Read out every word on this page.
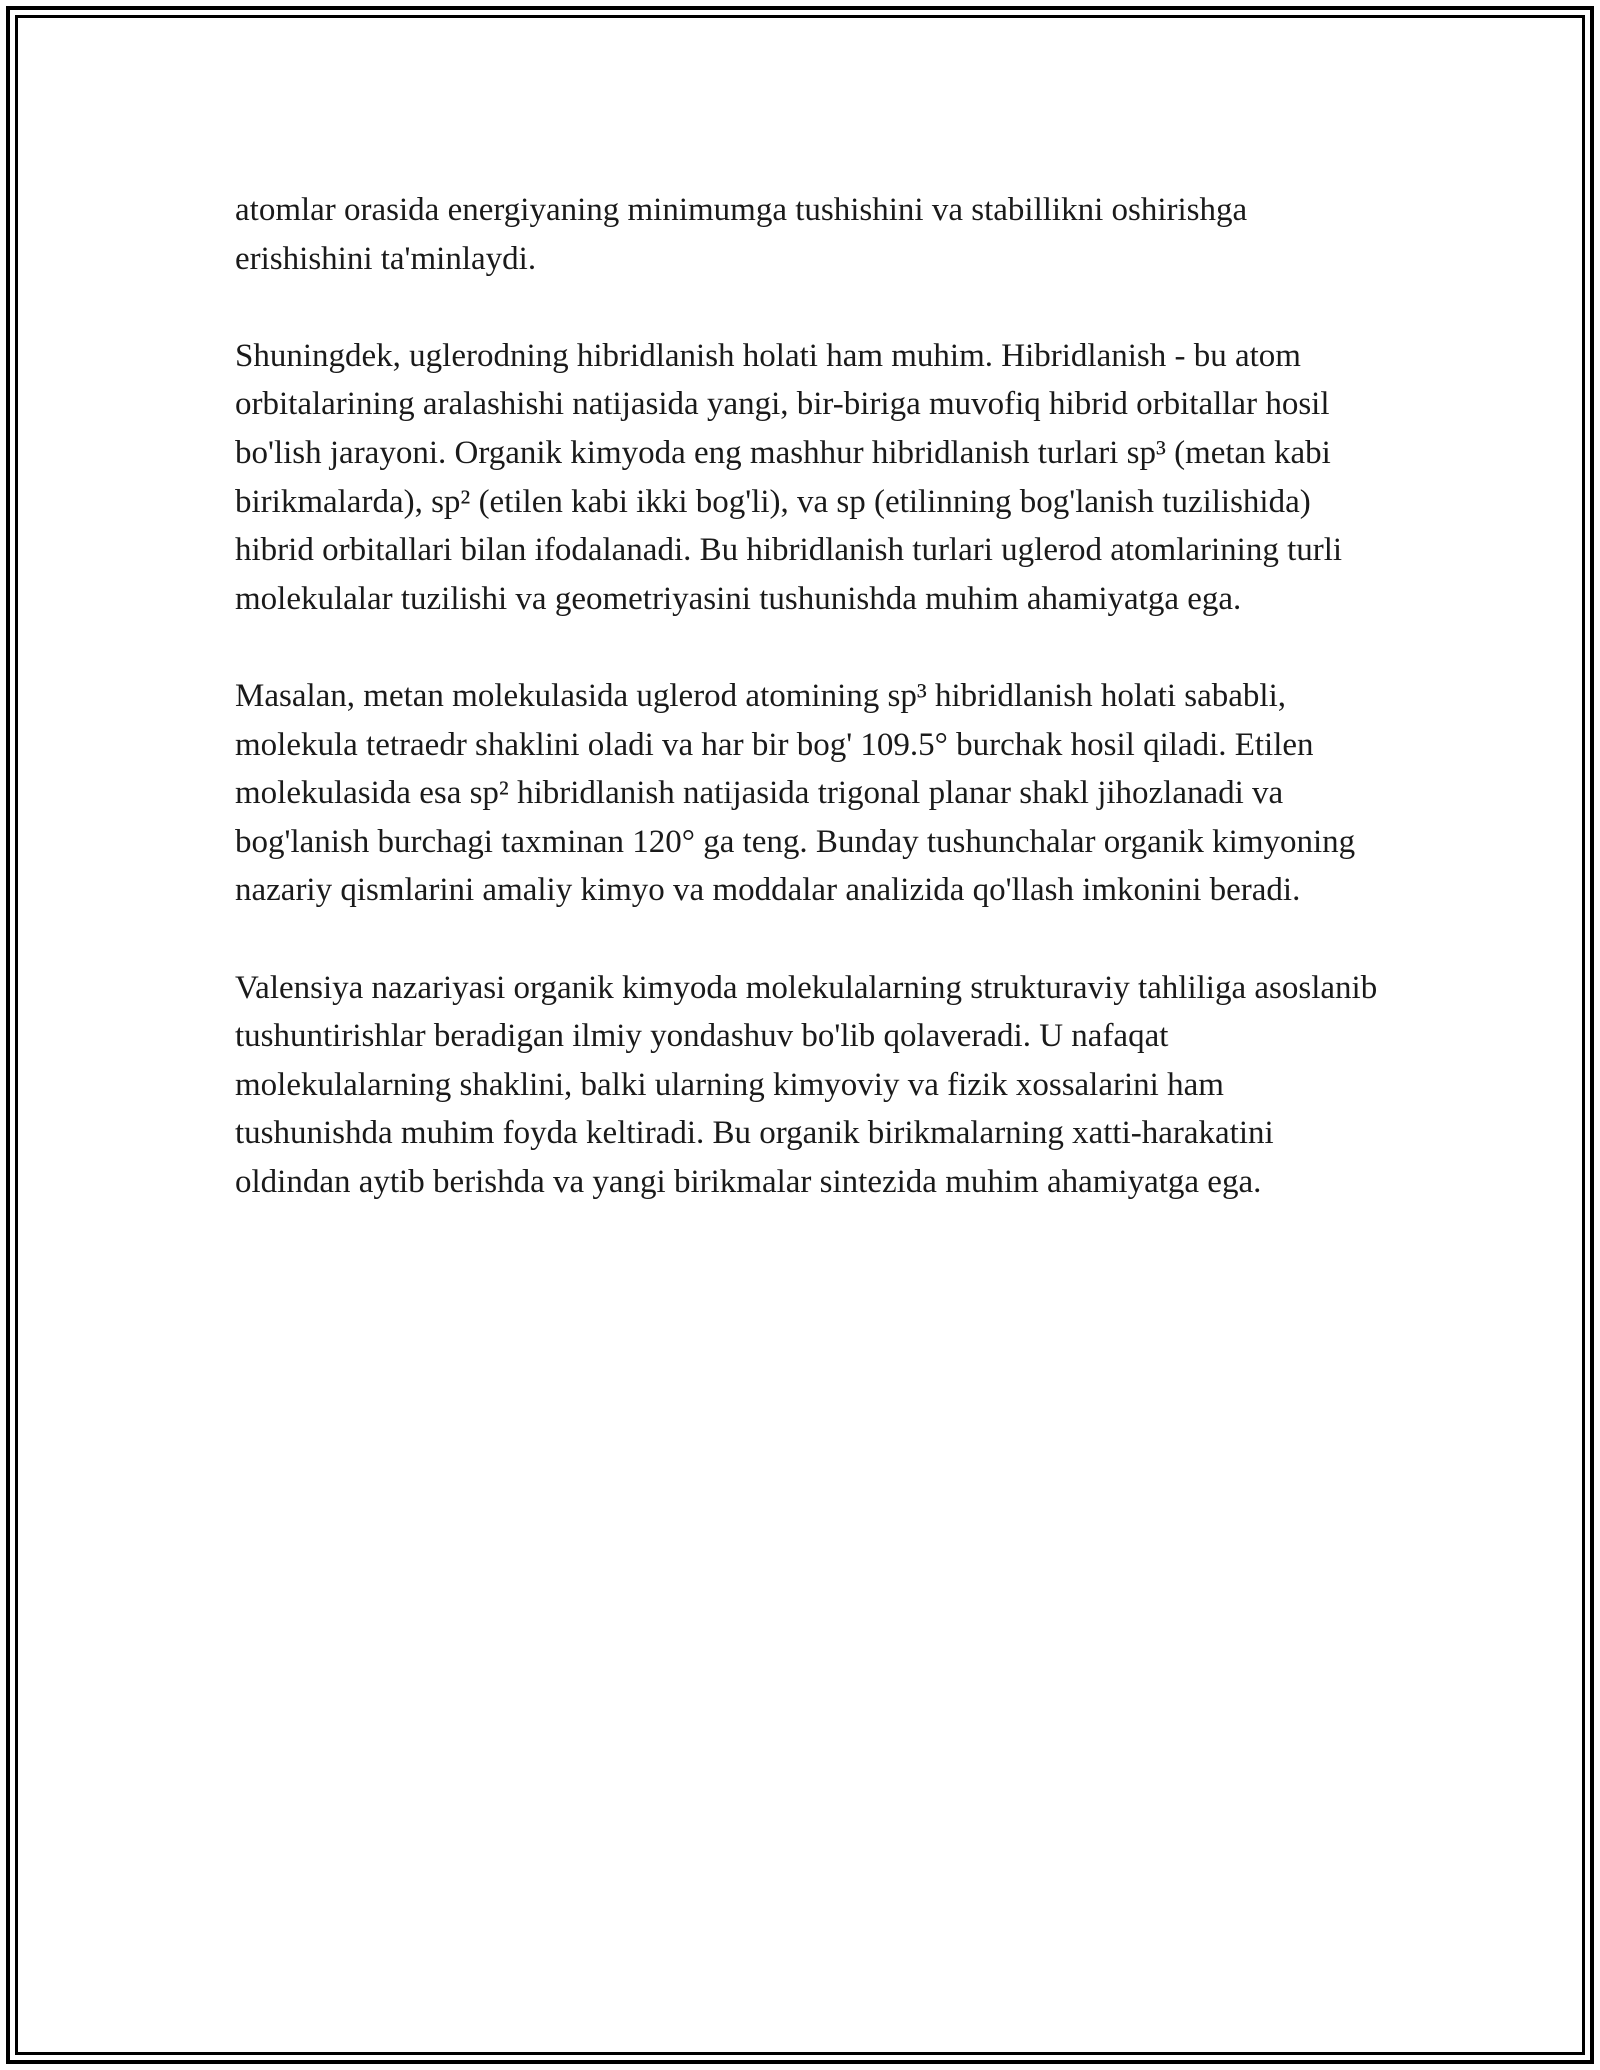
atomlar orasida energiyaning minimumga tushishini va stabillikni oshirishga erishishini ta'minlaydi.

Shuningdek, uglerodning hibridlanish holati ham muhim. Hibridlanish - bu atom orbitalarining aralashishi natijasida yangi, bir-biriga muvofiq hibrid orbitallar hosil bo'lish jarayoni. Organik kimyoda eng mashhur hibridlanish turlari sp³ (metan kabi birikmalarda), sp² (etilen kabi ikki bog'li), va sp (etilinning bog'lanish tuzilishida) hibrid orbitallari bilan ifodalanadi. Bu hibridlanish turlari uglerod atomlarining turli molekulalar tuzilishi va geometriyasini tushunishda muhim ahamiyatga ega.

Masalan, metan molekulasida uglerod atomining sp³ hibridlanish holati sababli, molekula tetraedr shaklini oladi va har bir bog' 109.5° burchak hosil qiladi. Etilen molekulasida esa sp² hibridlanish natijasida trigonal planar shakl jihozlanadi va bog'lanish burchagi taxminan 120° ga teng. Bunday tushunchalar organik kimyoning nazariy qismlarini amaliy kimyo va moddalar analizida qo'llash imkonini beradi.

Valensiya nazariyasi organik kimyoda molekulalarning strukturaviy tahliliga asoslanib tushuntirishlar beradigan ilmiy yondashuv bo'lib qolaveradi. U nafaqat molekulalarning shaklini, balki ularning kimyoviy va fizik xossalarini ham tushunishda muhim foyda keltiradi. Bu organik birikmalarning xatti-harakatini oldindan aytib berishda va yangi birikmalar sintezida muhim ahamiyatga ega.
